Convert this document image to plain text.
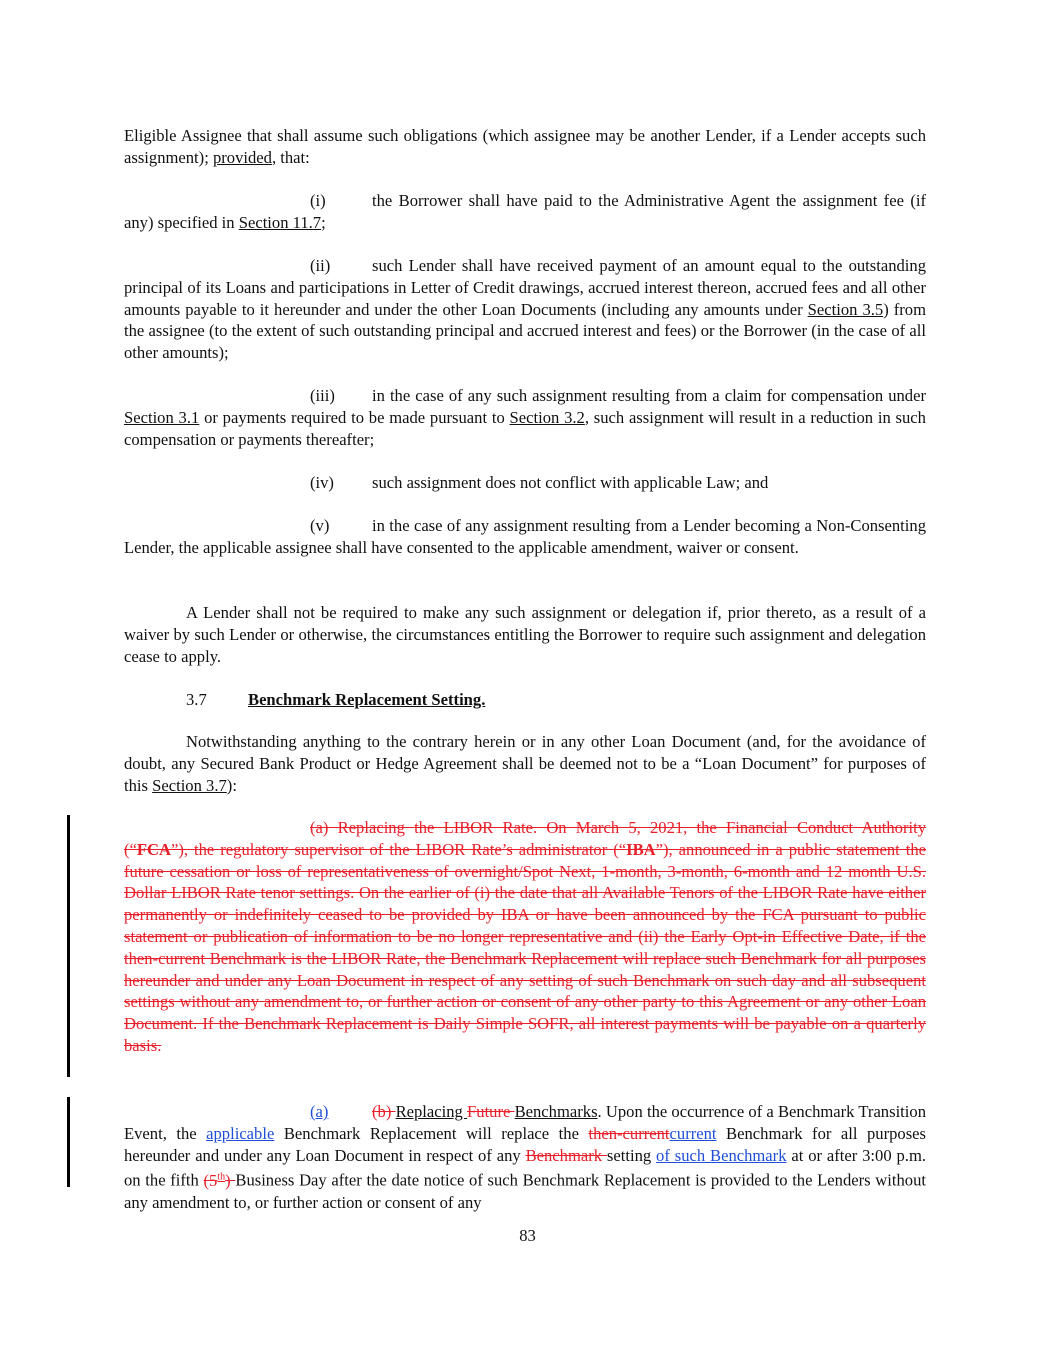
Eligible Assignee that shall assume such obligations (which assignee may be another Lender, if a Lender accepts such assignment); provided, that:

(i)	the Borrower shall have paid to the Administrative Agent the assignment fee (if any) specified in Section 11.7;

(ii)	such Lender shall have received payment of an amount equal to the outstanding principal of its Loans and participations in Letter of Credit drawings, accrued interest thereon, accrued fees and all other amounts payable to it hereunder and under the other Loan Documents (including any amounts under Section 3.5) from the assignee (to the extent of such outstanding principal and accrued interest and fees) or the Borrower (in the case of all other amounts);

(iii) in the case of any such assignment resulting from a claim for compensation under Section 3.1 or payments required to be made pursuant to Section 3.2, such assignment will result in a reduction in such compensation or payments thereafter;

(iv) such assignment does not conflict with applicable Law; and

(v)	in the case of any assignment resulting from a Lender becoming a Non-Consenting Lender, the applicable assignee shall have consented to the applicable amendment, waiver or consent.

A Lender shall not be required to make any such assignment or delegation if, prior thereto, as a result of a waiver by such Lender or otherwise, the circumstances entitling the Borrower to require such assignment and delegation cease to apply.

3.7 Benchmark Replacement Setting.

Notwithstanding anything to the contrary herein or in any other Loan Document (and, for the avoidance of doubt, any Secured Bank Product or Hedge Agreement shall be deemed not to be a “Loan Document” for purposes of this Section 3.7):

(a) Replacing the LIBOR Rate. On March 5, 2021, the Financial Conduct Authority (“FCA”), the regulatory supervisor of the LIBOR Rate’s administrator (“IBA”), announced in a public statement the future cessation or loss of representativeness of overnight/Spot Next, 1-month, 3-month, 6-month and 12 month U.S. Dollar LIBOR Rate tenor settings. On the earlier of (i) the date that all Available Tenors of the LIBOR Rate have either permanently or indefinitely ceased to be provided by IBA or have been announced by the FCA pursuant to public statement or publication of information to be no longer representative and (ii) the Early Opt-in Effective Date, if the then-current Benchmark is the LIBOR Rate, the Benchmark Replacement will replace such Benchmark for all purposes hereunder and under any Loan Document in respect of any setting of such Benchmark on such day and all subsequent settings without any amendment to, or further action or consent of any other party to this Agreement or any other Loan Document. If the Benchmark Replacement is Daily Simple SOFR, all interest payments will be payable on a quarterly basis.

(a)	(b) Replacing Future Benchmarks. Upon the occurrence of a Benchmark Transition Event, the applicable Benchmark Replacement will replace the then-currentcurrent Benchmark for all purposes hereunder and under any Loan Document in respect of any Benchmark setting of such Benchmark at or after 3:00 p.m. on the fifth (5th) Business Day after the date notice of such Benchmark Replacement is provided to the Lenders without any amendment to, or further action or consent of any

83
